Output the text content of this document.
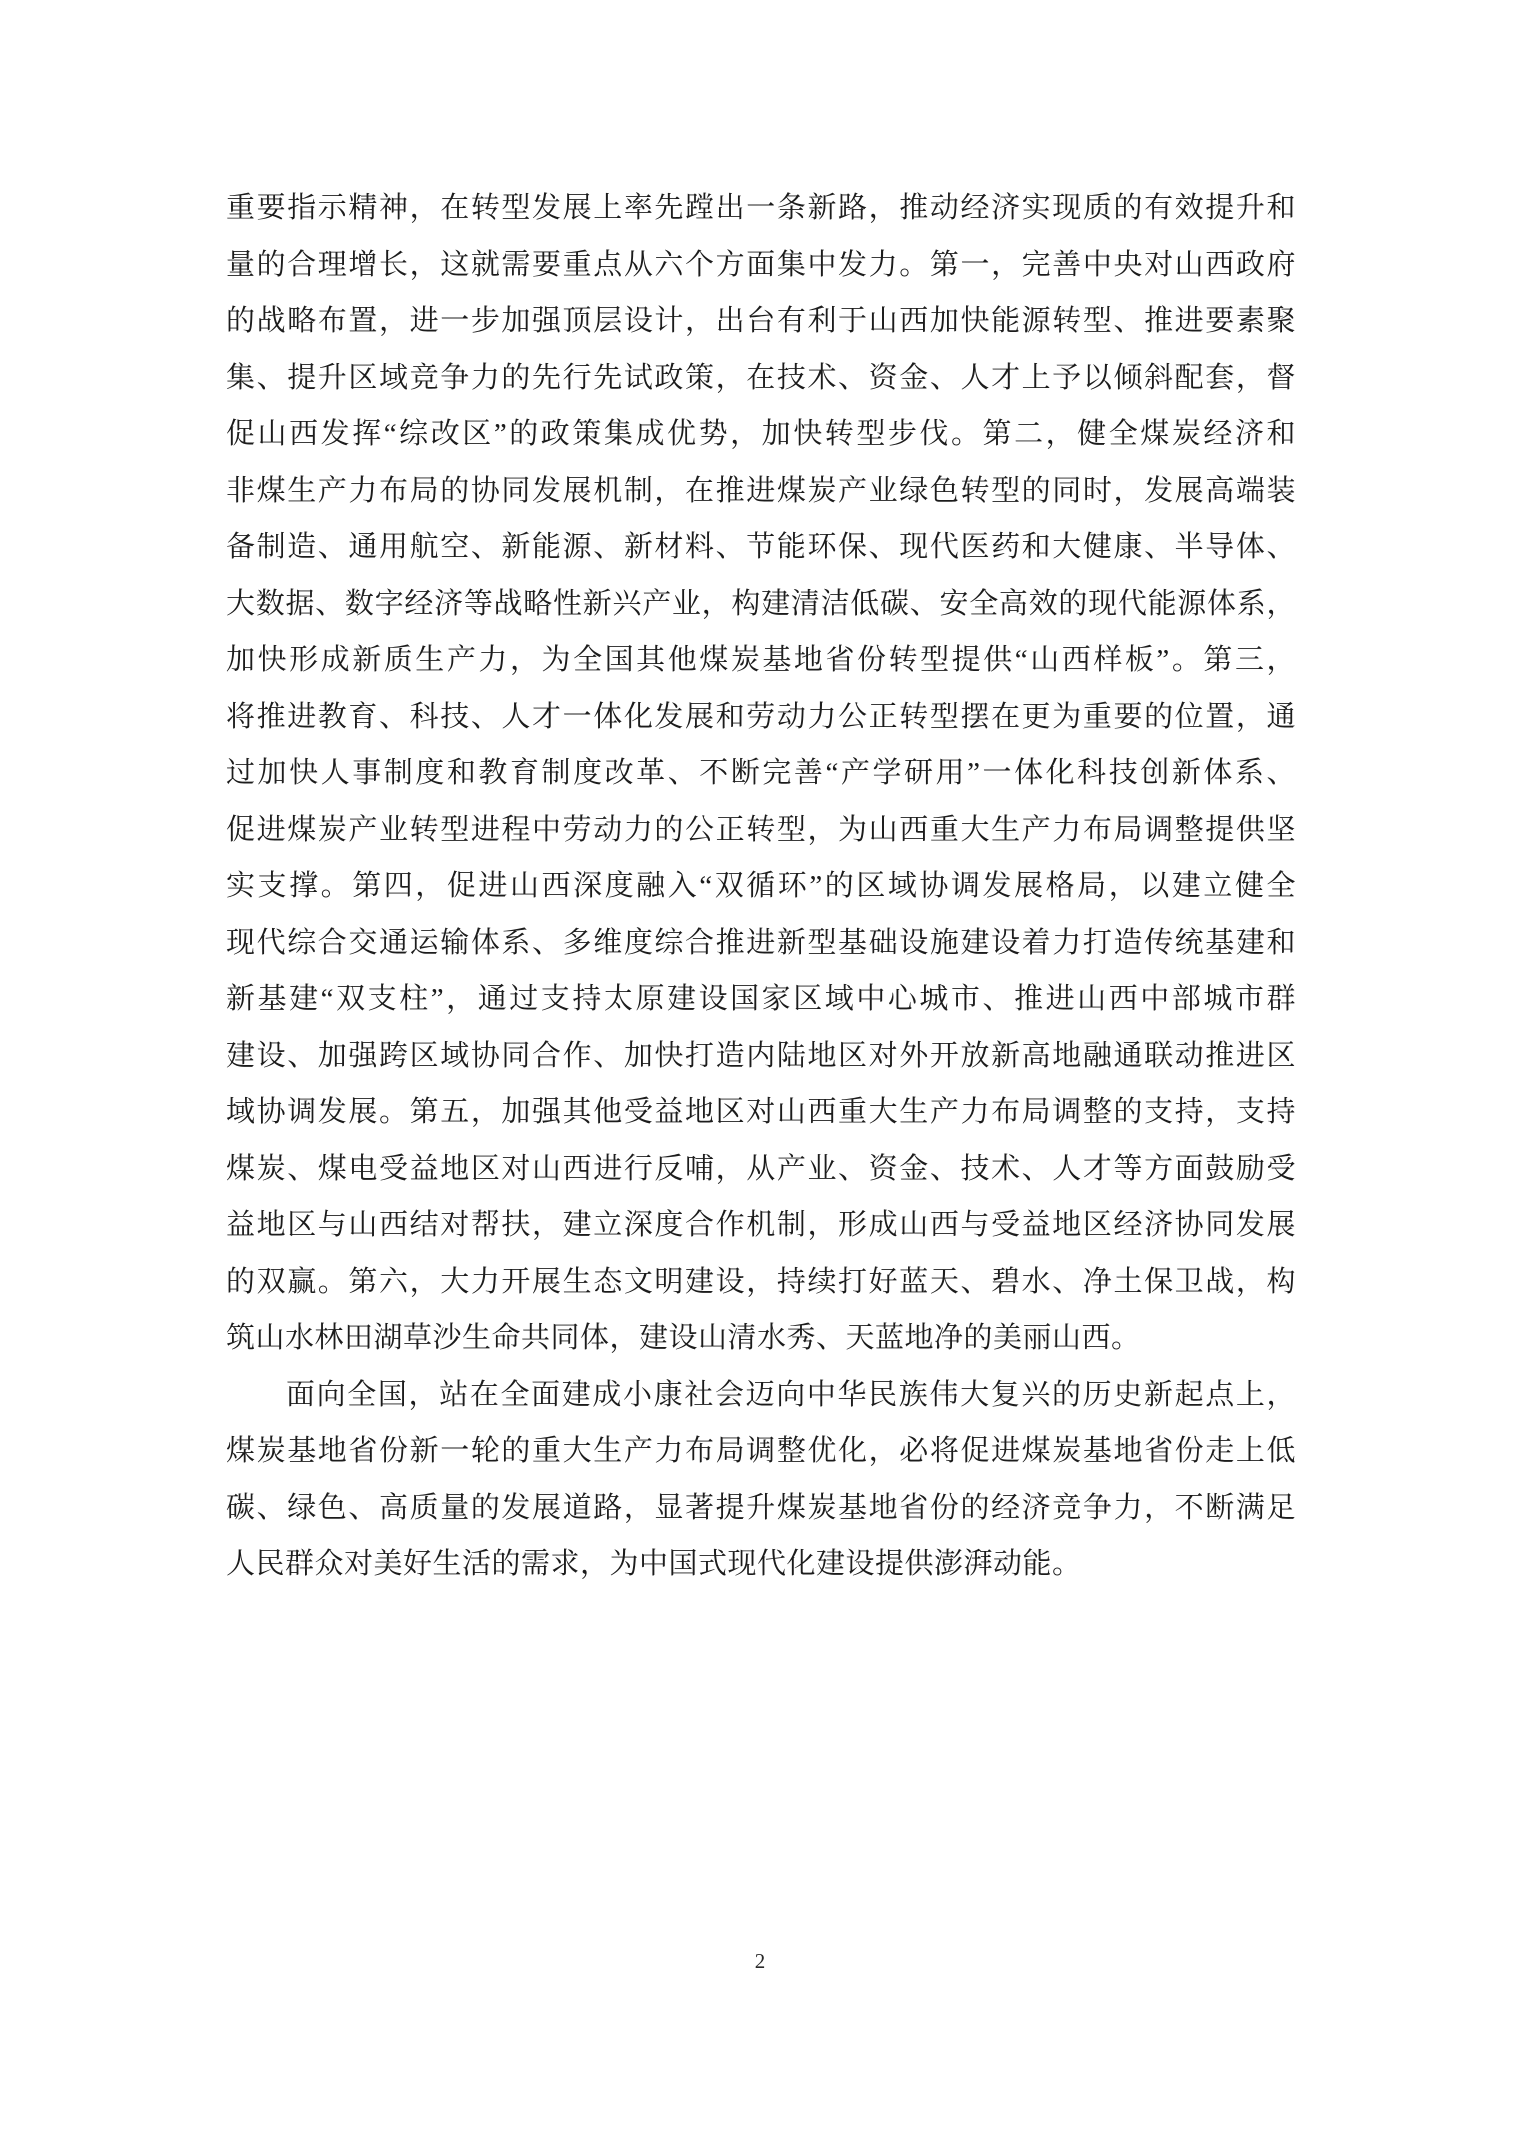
重要指示精神，在转型发展上率先蹚出一条新路，推动经济实现质的有效提升和
量的合理增长，这就需要重点从六个方面集中发力。第一，完善中央对山西政府
的战略布置，进一步加强顶层设计，出台有利于山西加快能源转型、推进要素聚
集、提升区域竞争力的先行先试政策，在技术、资金、人才上予以倾斜配套，督
促山西发挥“综改区”的政策集成优势，加快转型步伐。第二，健全煤炭经济和
非煤生产力布局的协同发展机制，在推进煤炭产业绿色转型的同时，发展高端装
备制造、通用航空、新能源、新材料、节能环保、现代医药和大健康、半导体、
大数据、数字经济等战略性新兴产业，构建清洁低碳、安全高效的现代能源体系，
加快形成新质生产力，为全国其他煤炭基地省份转型提供“山西样板”。第三，
将推进教育、科技、人才一体化发展和劳动力公正转型摆在更为重要的位置，通
过加快人事制度和教育制度改革、不断完善“产学研用”一体化科技创新体系、
促进煤炭产业转型进程中劳动力的公正转型，为山西重大生产力布局调整提供坚
实支撑。第四，促进山西深度融入“双循环”的区域协调发展格局，以建立健全
现代综合交通运输体系、多维度综合推进新型基础设施建设着力打造传统基建和
新基建“双支柱”，通过支持太原建设国家区域中心城市、推进山西中部城市群
建设、加强跨区域协同合作、加快打造内陆地区对外开放新高地融通联动推进区
域协调发展。第五，加强其他受益地区对山西重大生产力布局调整的支持，支持
煤炭、煤电受益地区对山西进行反哺，从产业、资金、技术、人才等方面鼓励受
益地区与山西结对帮扶，建立深度合作机制，形成山西与受益地区经济协同发展
的双赢。第六，大力开展生态文明建设，持续打好蓝天、碧水、净土保卫战，构
筑山水林田湖草沙生命共同体，建设山清水秀、天蓝地净的美丽山西。
面向全国，站在全面建成小康社会迈向中华民族伟大复兴的历史新起点上，
煤炭基地省份新一轮的重大生产力布局调整优化，必将促进煤炭基地省份走上低
碳、绿色、高质量的发展道路，显著提升煤炭基地省份的经济竞争力，不断满足
人民群众对美好生活的需求，为中国式现代化建设提供澎湃动能。
2
